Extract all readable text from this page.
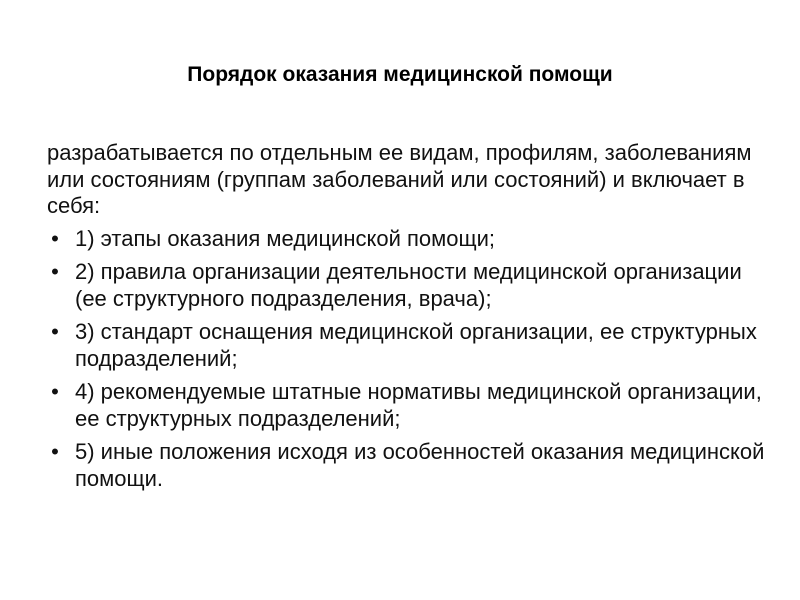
Порядок оказания медицинской помощи

разрабатывается по отдельным ее видам, профилям, заболеваниям или состояниям (группам заболеваний или состояний) и включает в себя:

• 1) этапы оказания медицинской помощи;
• 2) правила организации деятельности медицинской организации (ее структурного подразделения, врача);
• 3) стандарт оснащения медицинской организации, ее структурных подразделений;
• 4) рекомендуемые штатные нормативы медицинской организации, ее структурных подразделений;
• 5) иные положения исходя из особенностей оказания медицинской помощи.
